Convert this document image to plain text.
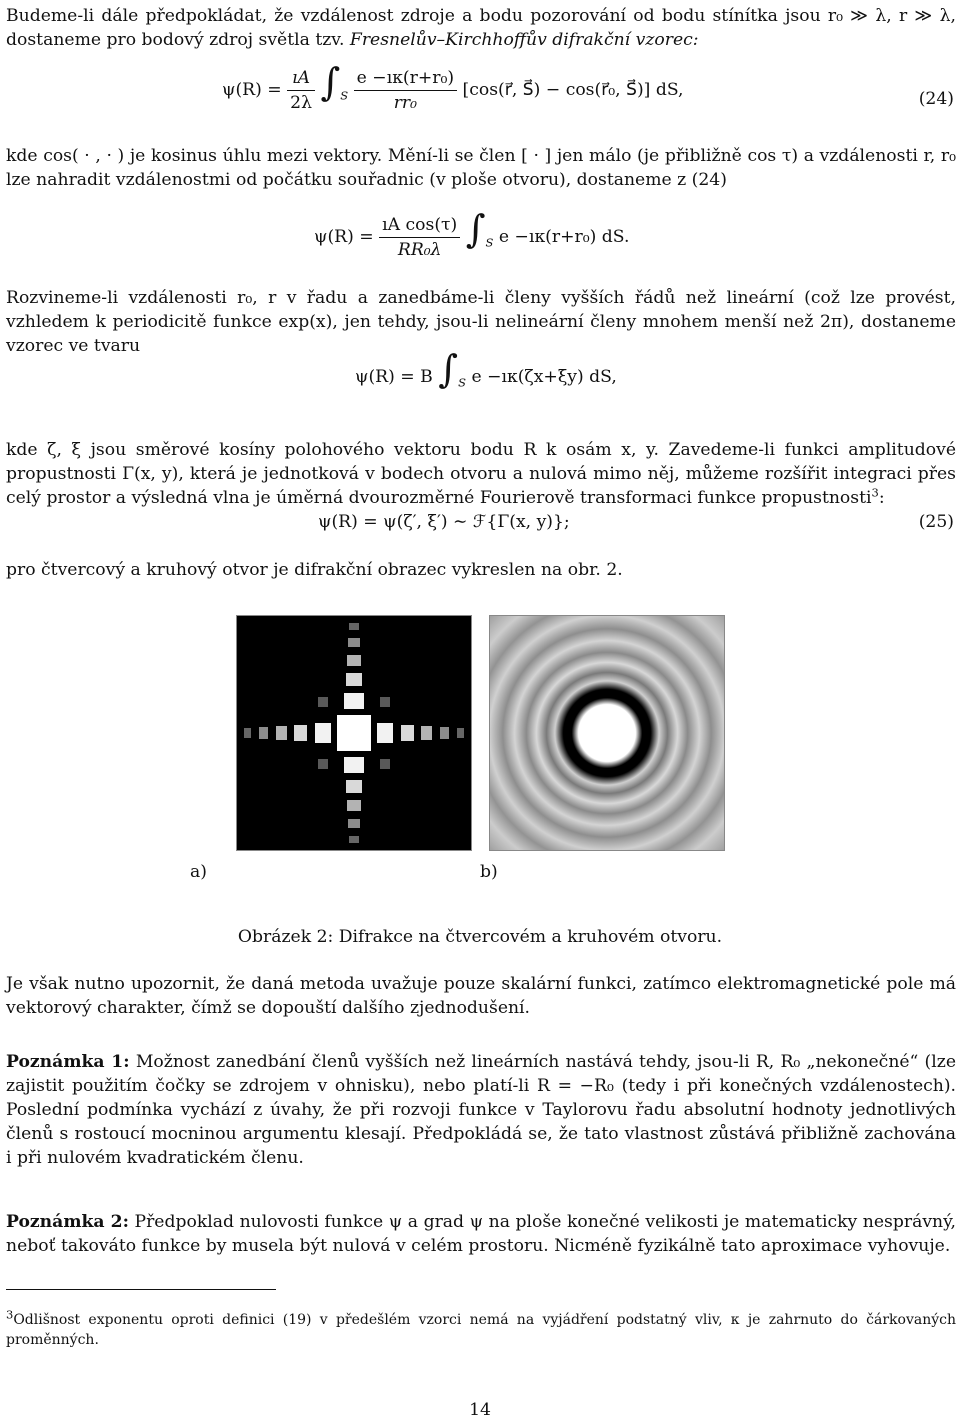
Budeme-li dále předpokládat, že vzdálenost zdroje a bodu pozorování od bodu stínítka jsou r₀ ≫ λ, r ≫ λ, dostaneme pro bodový zdroj světla tzv. Fresnelův–Kirchhoffův difrakční vzorec:

$\psi(R) = \frac{ıA}{2\lambda} \int_S \frac{\text{e −ıκ(r+r₀)}}{\text{rr₀}}$ [cos(r⃗, S⃗) − cos(r⃗₀, S⃗)] dS,	(24)

kde cos( · , · ) je kosinus úhlu mezi vektory. Mění-li se člen [ · ] jen málo (je přibližně cos τ) a vzdálenosti r, r₀ lze nahradit vzdálenostmi od počátku souřadnic (v ploše otvoru), dostaneme z (24)

$\psi(R) = \frac{\text{ıA cos(τ)}}{\text{RR₀λ}} \int_S$ e −ıκ(r+r₀) dS.

Rozvineme-li vzdálenosti r₀, r v řadu a zanedbáme-li členy vyšších řádů než lineární (což lze provést, vzhledem k periodicitě funkce exp(x), jen tehdy, jsou-li nelineární členy mnohem menší než 2π), dostaneme vzorec ve tvaru

ψ(R) = B $\int_S$ e −ıκ(ζx+ξy) dS,

kde ζ, ξ jsou směrové kosíny polohového vektoru bodu R k osám x, y. Zavedeme-li funkci amplitudové propustnosti Γ(x, y), která je jednotková v bodech otvoru a nulová mimo něj, můžeme rozšířit integraci přes celý prostor a výsledná vlna je úměrná dvourozměrné Fourierově transformaci funkce propustnosti$^3$:

ψ(R) = ψ(ζ′, ξ′) ∼ ℱ{Γ(x, y)};	(25)

pro čtvercový a kruhový otvor je difrakční obrazec vykreslen na obr. 2.

a)	b)
Obrázek 2: Difrakce na čtvercovém a kruhovém otvoru.

Je však nutno upozornit, že daná metoda uvažuje pouze skalární funkci, zatímco elektromagnetické pole má vektorový charakter, čímž se dopouští dalšího zjednodušení.

Poznámka 1: Možnost zanedbání členů vyšších než lineárních nastává tehdy, jsou-li R, R₀ „nekonečné“ (lze zajistit použitím čočky se zdrojem v ohnisku), nebo platí-li R = −R₀ (tedy i při konečných vzdálenostech). Poslední podmínka vychází z úvahy, že při rozvoji funkce v Taylorovu řadu absolutní hodnoty jednotlivých členů s rostoucí mocninou argumentu klesají. Předpokládá se, že tato vlastnost zůstává přibližně zachována i při nulovém kvadratickém členu.

Poznámka 2: Předpoklad nulovosti funkce ψ a grad ψ na ploše konečné velikosti je matematicky nesprávný, neboť takováto funkce by musela být nulová v celém prostoru. Nicméně fyzikálně tato aproximace vyhovuje.

$^3$Odlišnost exponentu oproti definici (19) v předešlém vzorci nemá na vyjádření podstatný vliv, κ je zahrnuto do čárkovaných proměnných.

14
